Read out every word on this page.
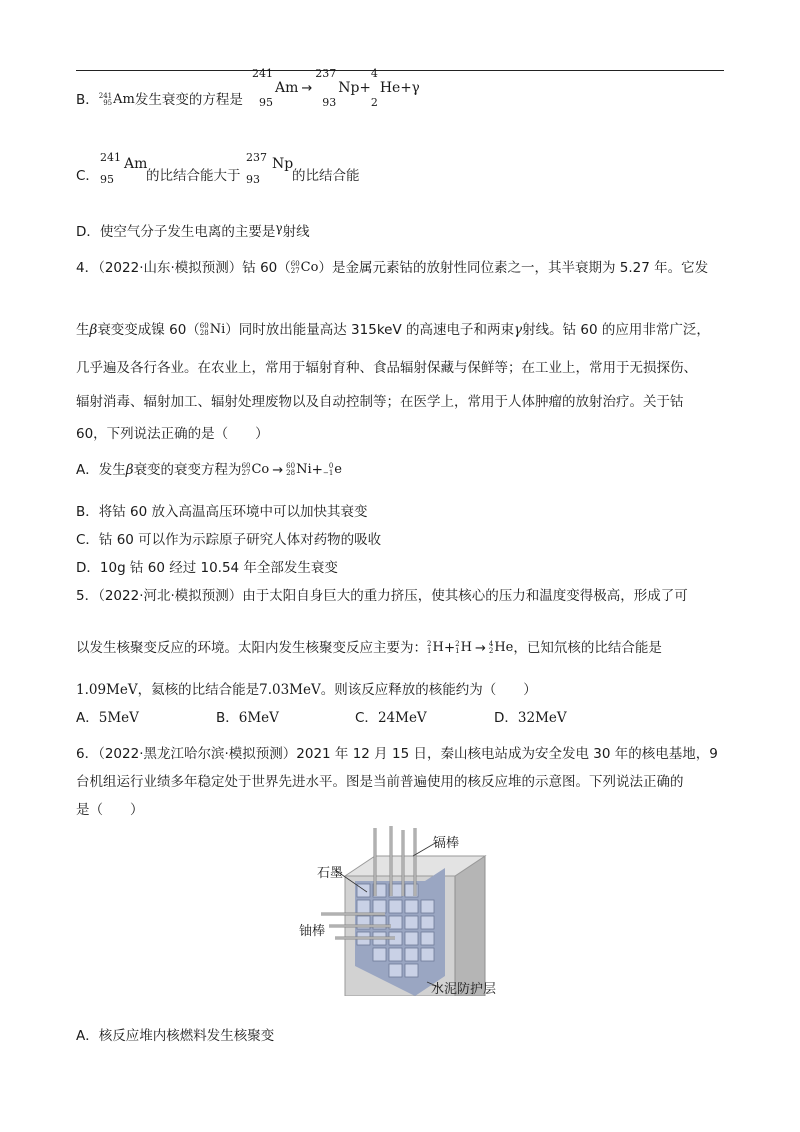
B． 241
95 Am 发生衰变的方程是
241
95
Am →
237
93
Np +
4
2
He +γ
C．
241
95
Am
的比结合能大于
237
93
Np
的比结合能
D．使空气分子发生电离的主要是γ射线
4．（2022·山东·模拟预测）钴 60（ 60
27 Co ）是金属元素钴的放射性同位素之一，其半衰期为 5.27 年。它发
生β衰变变成镍 60（ 60
28 Ni ）同时放出能量高达 315keV 的高速电子和两束γ射线。钴 60 的应用非常广泛，
几乎遍及各行各业。在农业上，常用于辐射育种、食品辐射保藏与保鲜等；在工业上，常用于无损探伤、
辐射消毒、辐射加工、辐射处理废物以及自动控制等；在医学上，常用于人体肿瘤的放射治疗。关于钴
60，下列说法正确的是（　　）
A．发生β衰变的衰变方程为 60
27 Co → 60
28 Ni + 0
−1 e
B．将钴 60 放入高温高压环境中可以加快其衰变
C．钴 60 可以作为示踪原子研究人体对药物的吸收
D．10g 钴 60 经过 10.54 年全部发生衰变
5．（2022·河北·模拟预测）由于太阳自身巨大的重力挤压，使其核心的压力和温度变得极高，形成了可
以发生核聚变反应的环境。太阳内发生核聚变反应主要为： 2
1 H + 2
1 H → 4
2 He ，已知氘核的比结合能是
1.09MeV，氦核的比结合能是7.03MeV。则该反应释放的核能约为（　　）
A．5MeV	B．6MeV	C．24MeV	D．32MeV
6．（2022·黑龙江哈尔滨·模拟预测）2021 年 12 月 15 日，秦山核电站成为安全发电 30 年的核电基地，9
台机组运行业绩多年稳定处于世界先进水平。图是当前普遍使用的核反应堆的示意图。下列说法正确的
是（　　）
石墨
镉棒
铀棒
水泥防护层
A．核反应堆内核燃料发生核聚变
